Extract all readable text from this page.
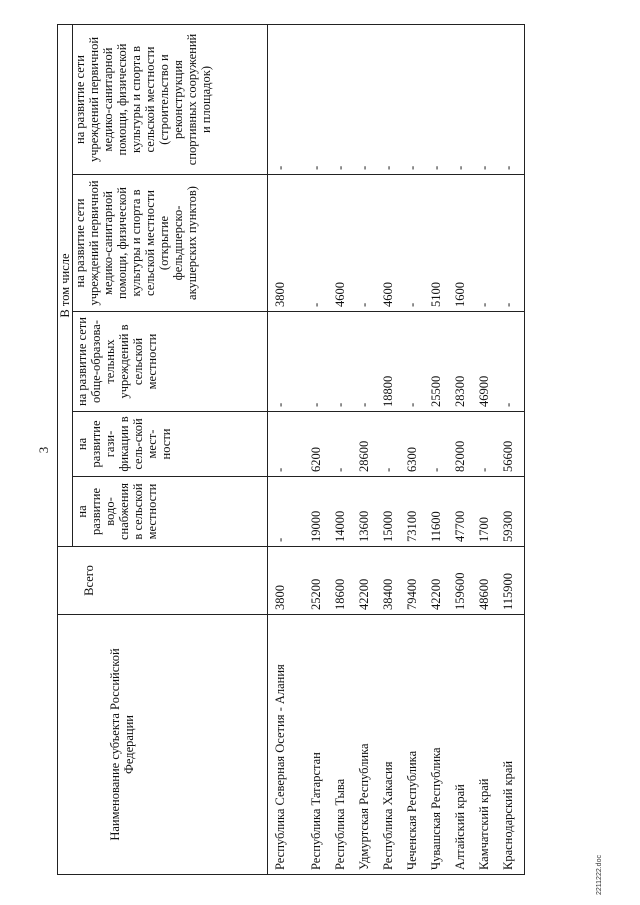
3
Наименование субъекта Российской Федерации	Всего	В том числе				
		на развитие водо-снабжения в сельской местности	на развитие гази-фикации в сель-ской мест-ности	на развитие сети обще-образова-тельных учреждений в сельской местности	на развитие сети учреждений первичной медико-санитарной помощи, физической культуры и спорта в сельской местности (открытие фельдшерско-акушерских пунктов)	на развитие сети учреждений первичной медико-санитарной помощи, физической культуры и спорта в сельской местности (строительство и реконструкция спортивных сооружений и площадок)
Республика Северная Осетия - Алания	3800	-	-	-	3800	-
Республика Татарстан	25200	19000	6200	-	-	-
Республика Тыва	18600	14000	-	-	4600	-
Удмуртская Республика	42200	13600	28600	-	-	-
Республика Хакасия	38400	15000	-	18800	4600	-
Чеченская Республика	79400	73100	6300	-	-	-
Чувашская Республика	42200	11600	-	25500	5100	-
Алтайский край	159600	47700	82000	28300	1600	-
Камчатский край	48600	1700	-	46900	-	-
Краснодарский край	115900	59300	56600	-	-	-
2211222.doc
